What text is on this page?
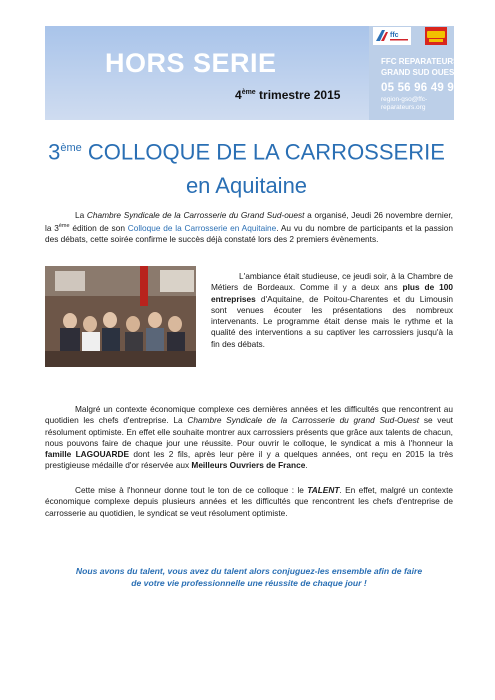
HORS SERIE
4ème trimestre 2015
ffc
FFC REPARATEURS
GRAND SUD OUEST
05 56 96 49 93
region-gso@ffc-reparateurs.org
3ème COLLOQUE DE LA CARROSSERIE
en Aquitaine
La Chambre Syndicale de la Carrosserie du Grand Sud-ouest a organisé, Jeudi 26 novembre dernier, la 3ème édition de son Colloque de la Carrosserie en Aquitaine. Au vu du nombre de participants et la passion des débats, cette soirée confirme le succès déjà constaté lors des 2 premiers évènements.
L'ambiance était studieuse, ce jeudi soir, à la Chambre de Métiers de Bordeaux. Comme il y a deux ans plus de 100 entreprises d'Aquitaine, de Poitou-Charentes et du Limousin sont venues écouter les présentations des nombreux intervenants. Le programme était dense mais le rythme et la qualité des interventions a su captiver les carrossiers jusqu'à la fin des débats.
Malgré un contexte économique complexe ces dernières années et les difficultés que rencontrent au quotidien les chefs d'entreprise. La Chambre Syndicale de la Carrosserie du grand Sud-Ouest se veut résolument optimiste. En effet elle souhaite montrer aux carrossiers présents que grâce aux talents de chacun, nous pouvons faire de chaque jour une réussite. Pour ouvrir le colloque, le syndicat a mis à l'honneur la famille LAGOUARDE dont les 2 fils, après leur père il y a quelques années, ont reçu en 2015 la très prestigieuse médaille d'or réservée aux Meilleurs Ouvriers de France.
Cette mise à l'honneur donne tout le ton de ce colloque : le TALENT. En effet, malgré un contexte économique complexe depuis plusieurs années et les difficultés que rencontrent les chefs d'entreprise de carrosserie au quotidien, le syndicat se veut résolument optimiste.
Nous avons du talent, vous avez du talent alors conjuguez-les ensemble afin de faire
de votre vie professionnelle une réussite de chaque jour !
